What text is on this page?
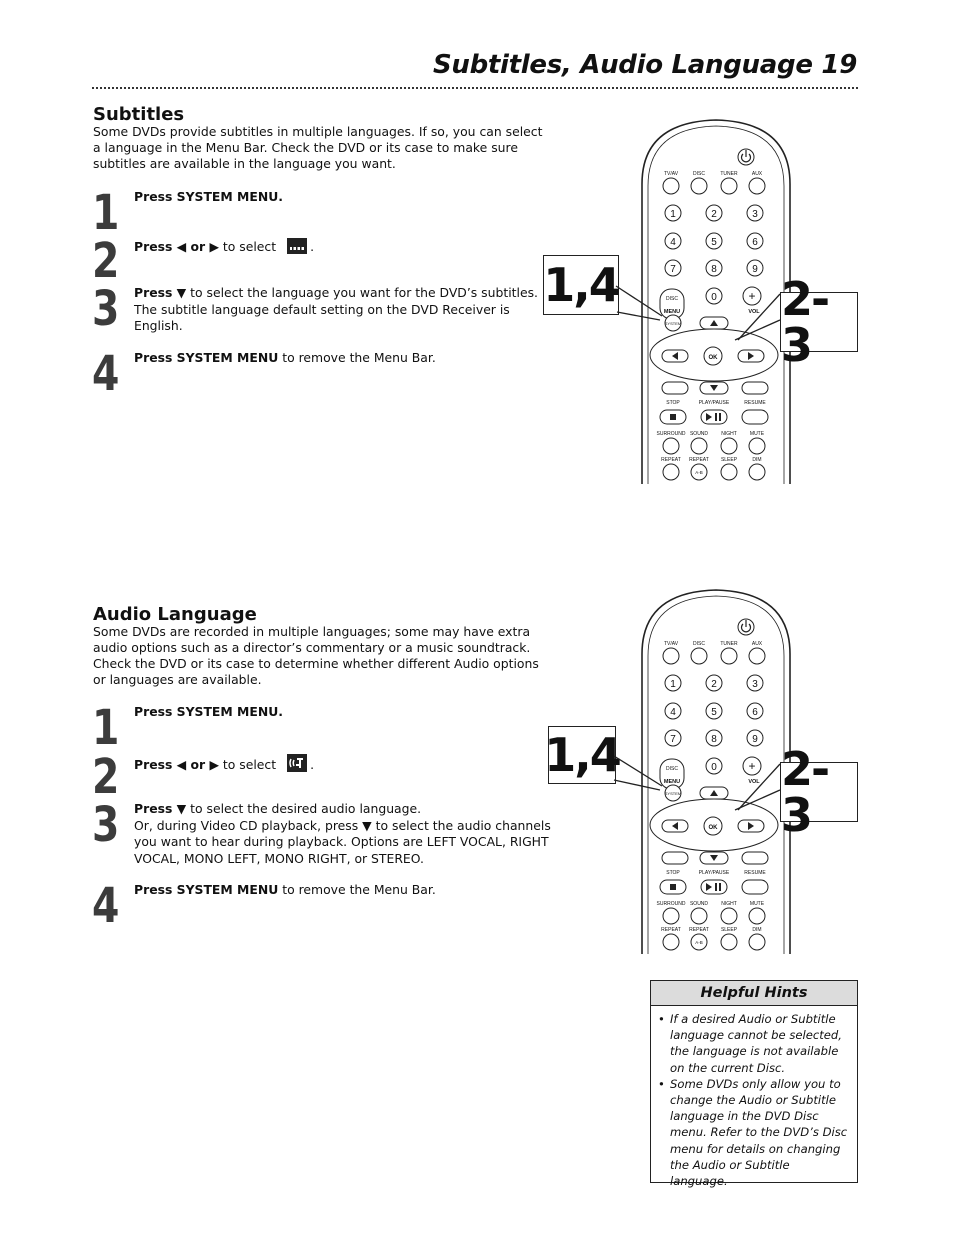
Subtitles, Audio Language 19
Subtitles
Some DVDs provide subtitles in multiple languages. If so, you can select a language in the Menu Bar. Check the DVD or its case to make sure subtitles are available in the language you want.
1 Press SYSTEM MENU.
2 Press ◀ or ▶ to select	.
3 Press ▼ to select the language you want for the DVD’s subtitles. The subtitle language default setting on the DVD Receiver is English.
4 Press SYSTEM MENU to remove the Menu Bar.
TV/AV	DISC	TUNER	AUX
1	2	3
4	5	6
7	8	9
0
DISC
MENU
+
VOL
SYSTEM
OK
STOP	PLAY/PAUSE	RESUME
SURROUND SOUND	NIGHT	MUTE
REPEAT REPEAT SLEEP	DIM
A-B
1,4	2-3
Audio Language
Some DVDs are recorded in multiple languages; some may have extra audio options such as a director’s commentary or a music soundtrack. Check the DVD or its case to determine whether different Audio options or languages are available.
1 Press SYSTEM MENU.
2 Press ◀ or ▶ to select	.
3 Press ▼ to select the desired audio language.
Or, during Video CD playback, press ▼ to select the audio channels you want to hear during playback. Options are LEFT VOCAL, RIGHT VOCAL, MONO LEFT, MONO RIGHT, or STEREO.
4 Press SYSTEM MENU to remove the Menu Bar.
TV/AV	DISC	TUNER	AUX
1	2	3
4	5	6
7	8	9
0
DISC
MENU
+
VOL
SYSTEM
OK
STOP	PLAY/PAUSE	RESUME
SURROUND SOUND	NIGHT	MUTE
REPEAT REPEAT SLEEP	DIM
A-B
1,4	2-3
Helpful Hints
• If a desired Audio or Subtitle language cannot be selected, the language is not available on the current Disc.
• Some DVDs only allow you to change the Audio or Subtitle language in the DVD Disc menu. Refer to the DVD’s Disc menu for details on changing the Audio or Subtitle language.
